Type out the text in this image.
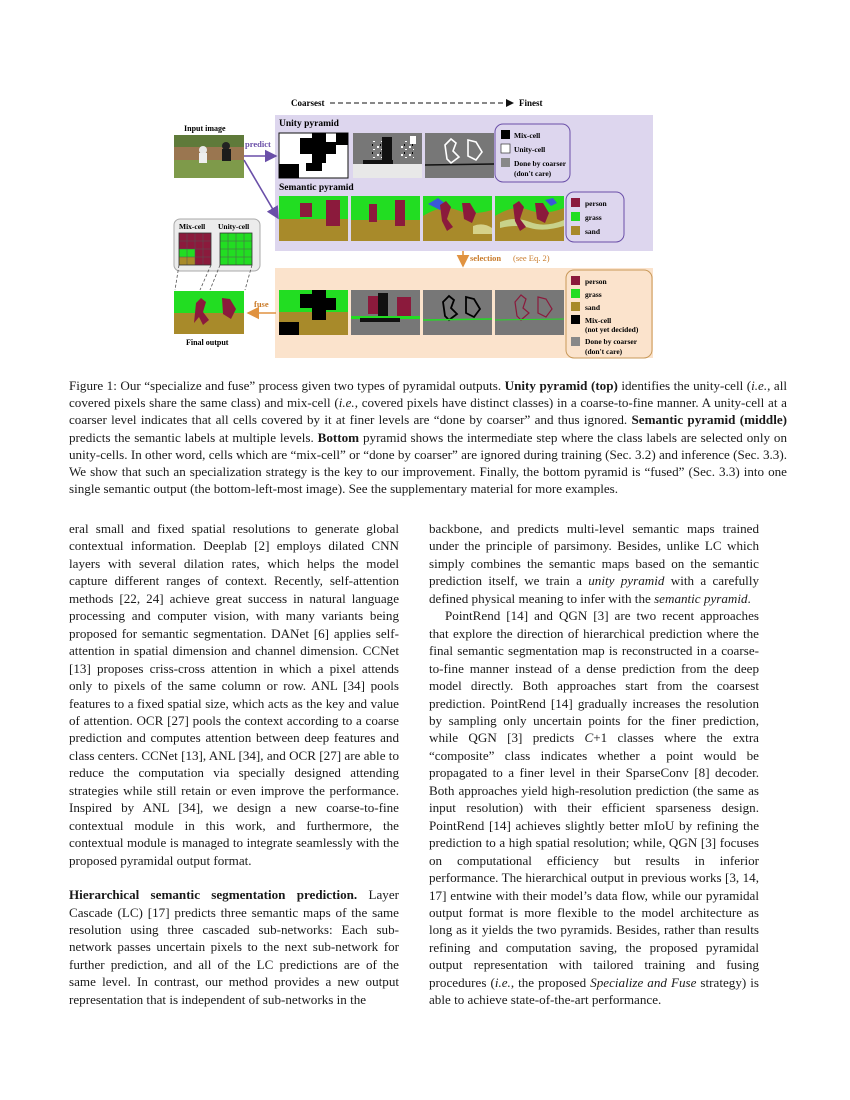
Coarsest	Finest
Unity pyramid
Semantic pyramid
Input image
predict
Mix-cell
Unity-cell
Done by coarser
(don't care)
person
grass
sand
Mix-cell Unity-cell
selection (see Eq. 2)
person
grass
sand
Mix-cell
(not yet decided)
Done by coarser
(don't care)
fuse
Final output

Figure 1: Our “specialize and fuse” process given two types of pyramidal outputs. Unity pyramid (top) identifies the unity-cell (i.e., all covered pixels share the same class) and mix-cell (i.e., covered pixels have distinct classes) in a coarse-to-fine manner. A unity-cell at a coarser level indicates that all cells covered by it at finer levels are “done by coarser” and thus ignored. Semantic pyramid (middle) predicts the semantic labels at multiple levels. Bottom pyramid shows the intermediate step where the class labels are selected only on unity-cells. In other word, cells which are “mix-cell” or “done by coarser” are ignored during training (Sec. 3.2) and inference (Sec. 3.3). We show that such an specialization strategy is the key to our improvement. Finally, the bottom pyramid is “fused” (Sec. 3.3) into one single semantic output (the bottom-left-most image). See the supplementary material for more examples.

eral small and fixed spatial resolutions to generate global contextual information. Deeplab [2] employs dilated CNN layers with several dilation rates, which helps the model capture different ranges of context. Recently, self-attention methods [22, 24] achieve great success in natural language processing and computer vision, with many variants being proposed for semantic segmentation. DANet [6] applies self-attention in spatial dimension and channel dimension. CCNet [13] proposes criss-cross attention in which a pixel attends only to pixels of the same column or row. ANL [34] pools features to a fixed spatial size, which acts as the key and value of attention. OCR [27] pools the context according to a coarse prediction and computes attention between deep features and class centers. CCNet [13], ANL [34], and OCR [27] are able to reduce the computation via specially designed attending strategies while still retain or even improve the performance. Inspired by ANL [34], we design a new coarse-to-fine contextual module in this work, and furthermore, the contextual module is managed to integrate seamlessly with the proposed pyramidal output format.

Hierarchical semantic segmentation prediction. Layer Cascade (LC) [17] predicts three semantic maps of the same resolution using three cascaded sub-networks: Each sub-network passes uncertain pixels to the next sub-network for further prediction, and all of the LC predictions are of the same level. In contrast, our method provides a new output representation that is independent of sub-networks in the

backbone, and predicts multi-level semantic maps trained under the principle of parsimony. Besides, unlike LC which simply combines the semantic maps based on the semantic prediction itself, we train a unity pyramid with a carefully defined physical meaning to infer with the semantic pyramid.

PointRend [14] and QGN [3] are two recent approaches that explore the direction of hierarchical prediction where the final semantic segmentation map is reconstructed in a coarse-to-fine manner instead of a dense prediction from the deep model directly. Both approaches start from the coarsest prediction. PointRend [14] gradually increases the resolution by sampling only uncertain points for the finer prediction, while QGN [3] predicts C+1 classes where the extra “composite” class indicates whether a point would be propagated to a finer level in their SparseConv [8] decoder. Both approaches yield high-resolution prediction (the same as input resolution) with their efficient sparseness design. PointRend [14] achieves slightly better mIoU by refining the prediction to a high spatial resolution; while, QGN [3] focuses on computational efficiency but results in inferior performance. The hierarchical output in previous works [3, 14, 17] entwine with their model’s data flow, while our pyramidal output format is more flexible to the model architecture as long as it yields the two pyramids. Besides, rather than results refining and computation saving, the proposed pyramidal output representation with tailored training and fusing procedures (i.e., the proposed Specialize and Fuse strategy) is able to achieve state-of-the-art performance.
